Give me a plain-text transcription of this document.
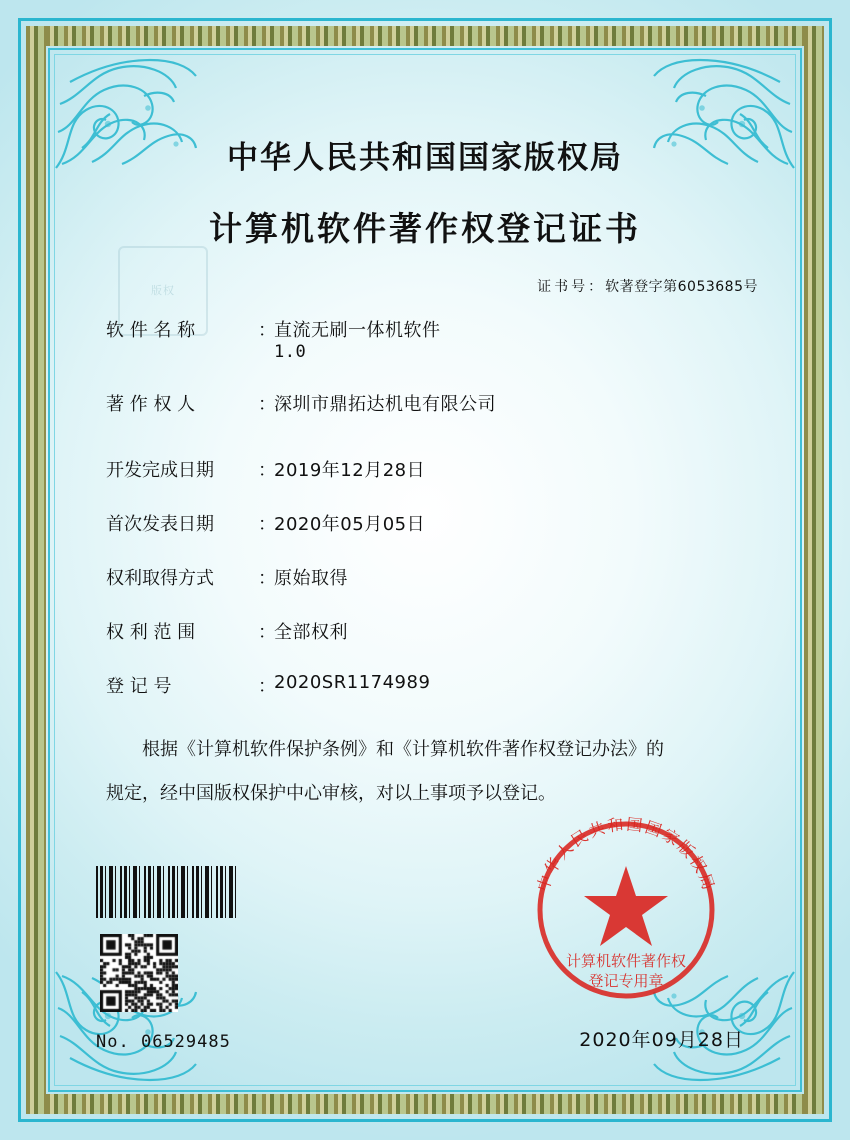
版权
中华人民共和国国家版权局
计算机软件著作权登记证书
证书号：软著登字第6053685号
软 件 名 称	：
直流无刷一体机软件
1.0
著 作 权 人	：
深圳市鼎拓达机电有限公司
开发完成日期	：
2019年12月28日
首次发表日期	：
2020年05月05日
权利取得方式	：
原始取得
权 利 范 围	：
全部权利
登 记 号	：
2020SR1174989
根据《计算机软件保护条例》和《计算机软件著作权登记办法》的
规定，经中国版权保护中心审核，对以上事项予以登记。
No. 06529485	2020年09月28日
中华人民共和国国家版权局
计算机软件著作权
登记专用章
